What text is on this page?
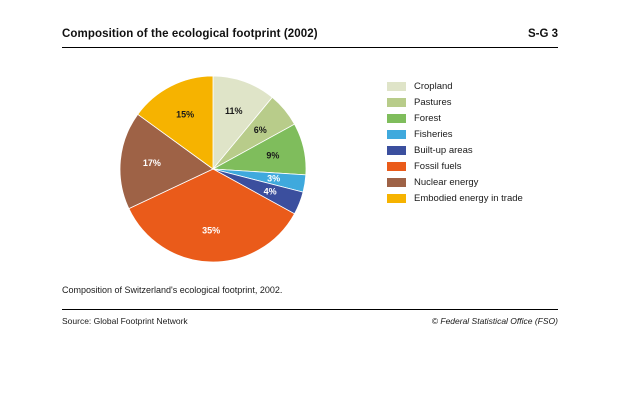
Composition of the ecological footprint (2002)	S-G 3
11%
6%
9%
3%
4%
35%
17%
15%
Cropland
Pastures
Forest
Fisheries
Built-up areas
Fossil fuels
Nuclear energy
Embodied energy in trade
Composition of Switzerland's ecological footprint, 2002.
Source: Global Footprint Network	© Federal Statistical Office (FSO)
